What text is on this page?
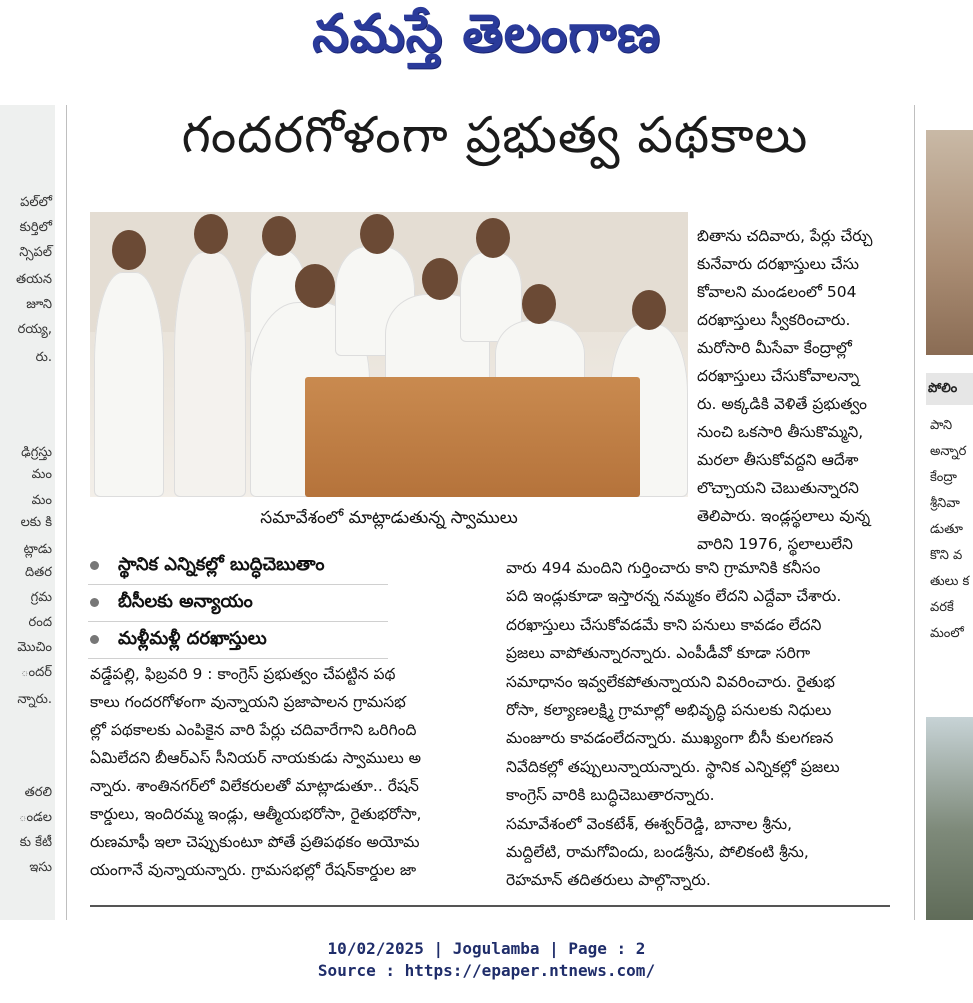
నమస్తే తెలంగాణ
పల్‌లో
కుర్తిలో
న్సిపల్
తయన
జూని
రయ్య,
రు.
ఢిగ్రస్తు
మం
మం
లకు కి
ట్లాడు
దితర
గ్రమ
రంద
మొచిం
ందర్
న్నారు.
తరలి
ండల
కు కేటీ
ఇసు
పోలిం
పాని
అన్నార
కేంద్రా
శ్రీనివా
డుతూ
కొని వ
తులు క
వరకే
మంలో
గందరగోళంగా ప్రభుత్వ పథకాలు
సమావేశంలో మాట్లాడుతున్న స్వాములు
స్థానిక ఎన్నికల్లో బుద్ధిచెబుతాం
బీసీలకు అన్యాయం
మళ్లీమళ్లీ దరఖాస్తులు
బితాను చదివారు, పేర్లు చేర్చు
కునేవారు దరఖాస్తులు చేసు
కోవాలని మండలంలో 504
దరఖాస్తులు స్వీకరించారు.
మరోసారి మీసేవా కేంద్రాల్లో
దరఖాస్తులు చేసుకోవాలన్నా
రు. అక్కడికి వెళితే ప్రభుత్వం
నుంచి ఒకసారి తీసుకొమ్మని,
మరలా తీసుకోవద్దని ఆదేశా
లొచ్చాయని చెబుతున్నారని
తెలిపారు. ఇండ్లస్థలాలు వున్న
వారిని 1976, స్థలాలులేని
వడ్డేపల్లి, ఫిబ్రవరి 9 : కాంగ్రెస్ ప్రభుత్వం చేపట్టిన పథ
కాలు గందరగోళంగా వున్నాయని ప్రజాపాలన గ్రామసభ
ల్లో పథకాలకు ఎంపికైన వారి పేర్లు చదివారేగాని ఒరిగింది
ఏమిలేదని బీఆర్ఎస్ సీనియర్ నాయకుడు స్వాములు అ
న్నారు. శాంతినగర్‌లో విలేకరులతో మాట్లాడుతూ.. రేషన్
కార్డులు, ఇందిరమ్మ ఇండ్లు, ఆత్మీయభరోసా, రైతుభరోసా,
రుణమాఫీ ఇలా చెప్పుకుంటూ పోతే ప్రతిపథకం అయోమ
యంగానే వున్నాయన్నారు. గ్రామసభల్లో రేషన్‌కార్డుల జా
వారు 494 మందిని గుర్తించారు కాని గ్రామానికి కనీసం
పది ఇండ్లుకూడా ఇస్తారన్న నమ్మకం లేదని ఎద్దేవా చేశారు.
దరఖాస్తులు చేసుకోవడమే కాని పనులు కావడం లేదని
ప్రజలు వాపోతున్నారన్నారు. ఎంపీడీవో కూడా సరిగా
సమాధానం ఇవ్వలేకపోతున్నాయని వివరించారు. రైతుభ
రోసా, కల్యాణలక్ష్మి గ్రామాల్లో అభివృద్ధి పనులకు నిధులు
మంజూరు కావడంలేదన్నారు. ముఖ్యంగా బీసీ కులగణన
నివేదికల్లో తప్పులున్నాయన్నారు. స్థానిక ఎన్నికల్లో ప్రజలు
కాంగ్రెస్ వారికి బుద్ధిచెబుతారన్నారు.
సమావేశంలో వెంకటేశ్, ఈశ్వర్‌రెడ్డి, బానాల శ్రీను,
మద్దిలేటి, రామగోవిందు, బండశ్రీను, పోలికంటి శ్రీను,
రెహమాన్ తదితరులు పాల్గొన్నారు.
10/02/2025 | Jogulamba | Page : 2
Source : https://epaper.ntnews.com/
